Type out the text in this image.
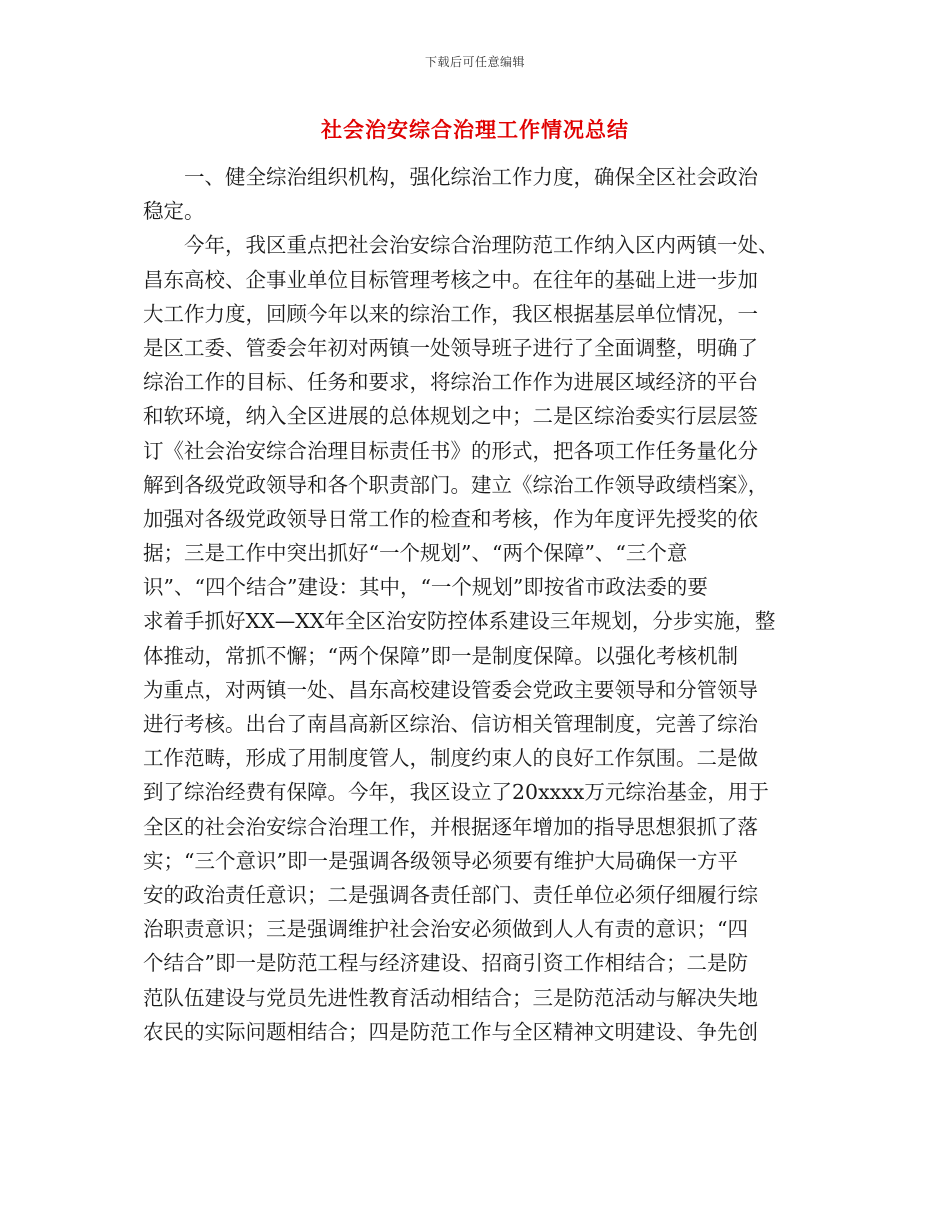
下载后可任意编辑
社会治安综合治理工作情况总结
一、健全综治组织机构，强化综治工作力度，确保全区社会政治
稳定。
今年，我区重点把社会治安综合治理防范工作纳入区内两镇一处、
昌东高校、企事业单位目标管理考核之中。在往年的基础上进一步加
大工作力度，回顾今年以来的综治工作，我区根据基层单位情况，一
是区工委、管委会年初对两镇一处领导班子进行了全面调整，明确了
综治工作的目标、任务和要求，将综治工作作为进展区域经济的平台
和软环境，纳入全区进展的总体规划之中；二是区综治委实行层层签
订《社会治安综合治理目标责任书》的形式，把各项工作任务量化分
解到各级党政领导和各个职责部门。建立《综治工作领导政绩档案》，
加强对各级党政领导日常工作的检查和考核，作为年度评先授奖的依
据；三是工作中突出抓好“一个规划”、“两个保障”、“三个意
识”、“四个结合”建设：其中，“一个规划”即按省市政法委的要
求着手抓好XX—XX年全区治安防控体系建设三年规划，分步实施，整
体推动，常抓不懈；“两个保障”即一是制度保障。以强化考核机制
为重点，对两镇一处、昌东高校建设管委会党政主要领导和分管领导
进行考核。出台了南昌高新区综治、信访相关管理制度，完善了综治
工作范畴，形成了用制度管人，制度约束人的良好工作氛围。二是做
到了综治经费有保障。今年，我区设立了20xxxx万元综治基金，用于
全区的社会治安综合治理工作，并根据逐年增加的指导思想狠抓了落
实；“三个意识”即一是强调各级领导必须要有维护大局确保一方平
安的政治责任意识；二是强调各责任部门、责任单位必须仔细履行综
治职责意识；三是强调维护社会治安必须做到人人有责的意识；“四
个结合”即一是防范工程与经济建设、招商引资工作相结合；二是防
范队伍建设与党员先进性教育活动相结合；三是防范活动与解决失地
农民的实际问题相结合；四是防范工作与全区精神文明建设、争先创
